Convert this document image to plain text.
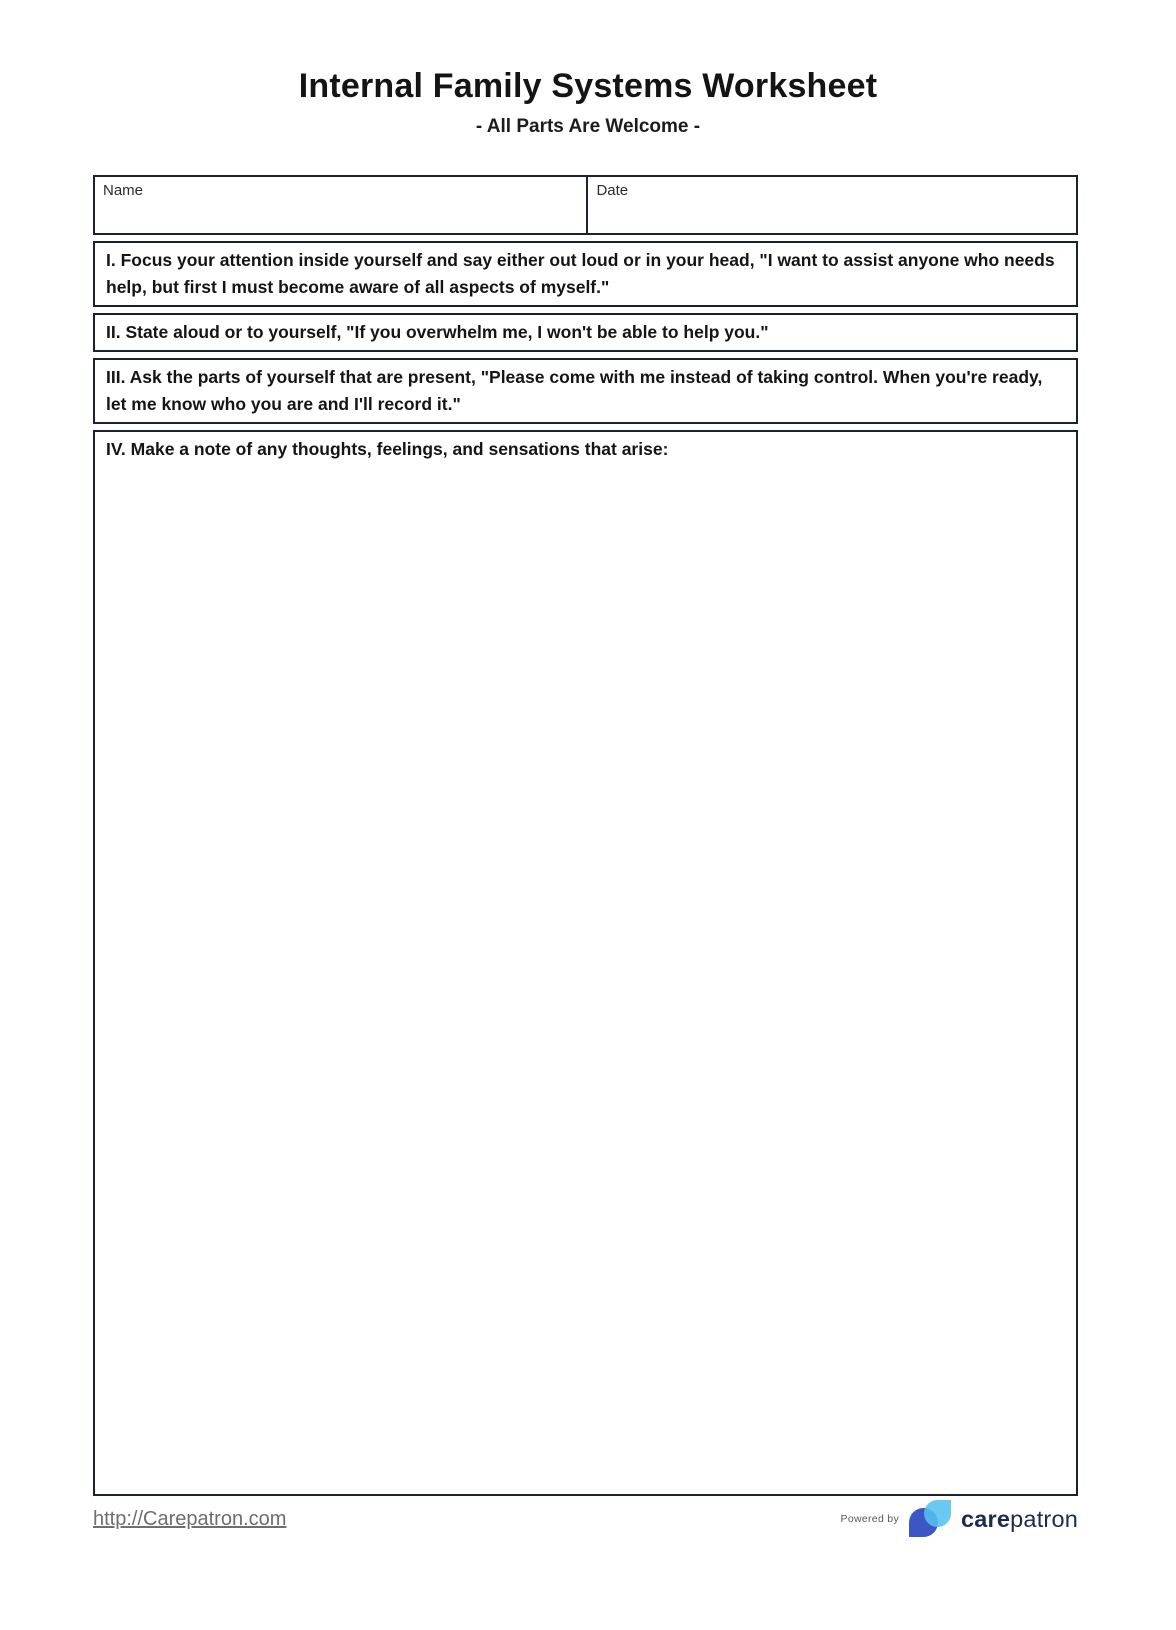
Internal Family Systems Worksheet
- All Parts Are Welcome -
Name	Date
I. Focus your attention inside yourself and say either out loud or in your head, "I want to assist anyone who needs help, but first I must become aware of all aspects of myself."
II. State aloud or to yourself, "If you overwhelm me, I won't be able to help you."
III. Ask the parts of yourself that are present, "Please come with me instead of taking control. When you're ready, let me know who you are and I'll record it."
IV. Make a note of any thoughts, feelings, and sensations that arise:
http://Carepatron.com	Powered by	carepatron
